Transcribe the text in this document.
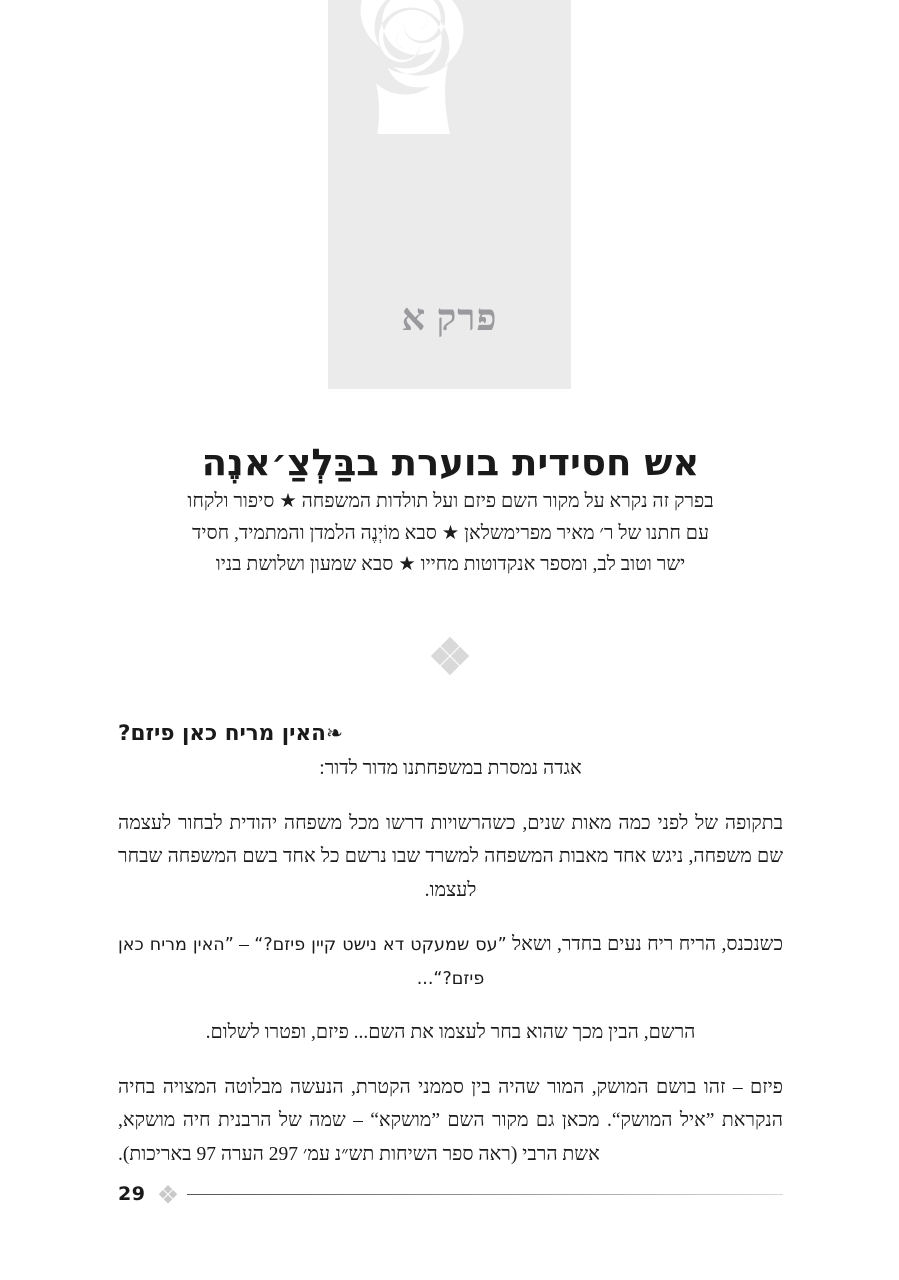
פרק א
אש חסידית בוערת בבַּלְצַ׳אנֶה
בפרק זה נקרא על מקור השם פיזם ועל תולדות המשפחה ★ סיפור ולקחו עם חתנו של ר׳ מאיר מפרימשלאן ★ סבא מוֹיְנֶה הלמדן והמתמיד, חסיד ישר וטוב לב, ומספר אנקדוטות מחייו ★ סבא שמעון ושלושת בניו
☙האין מריח כאן פיזם?

אגדה נמסרת במשפחתנו מדור לדור:

בתקופה של לפני כמה מאות שנים, כשהרשויות דרשו מכל משפחה יהודית לבחור לעצמה שם משפחה, ניגש אחד מאבות המשפחה למשרד שבו נרשם כל אחד בשם המשפחה שבחר לעצמו.

כשנכנס, הריח ריח נעים בחדר, ושאל ”עס שמעקט דא נישט קיין פיזם?“ – ”האין מריח כאן פיזם?“...

הרשם, הבין מכך שהוא בחר לעצמו את השם... פיזם, ופטרו לשלום.

פיזם – זהו בושם המושק, המור שהיה בין סממני הקטרת, הנעשה מבלוטה המצויה בחיה הנקראת ”איל המושק“. מכאן גם מקור השם ”מושקא“ – שמה של הרבנית חיה מושקא, אשת הרבי (ראה ספר השיחות תש״נ עמ׳ 297 הערה 97 באריכות).

29
